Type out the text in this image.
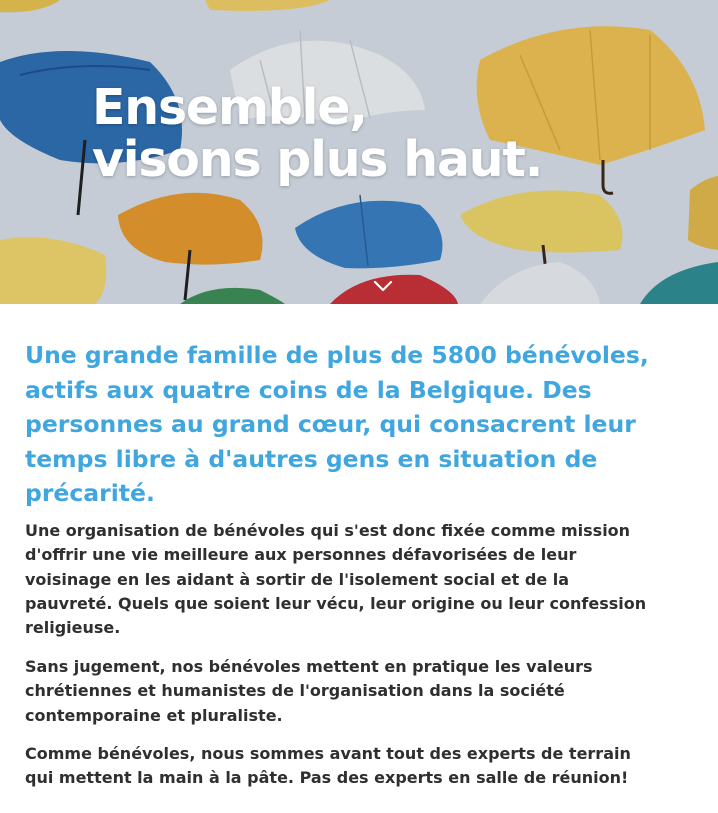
Ensemble,
visons plus haut.

Une grande famille de plus de 5800 bénévoles,
actifs aux quatre coins de la Belgique. Des
personnes au grand cœur, qui consacrent leur
temps libre à d'autres gens en situation de
précarité.

Une organisation de bénévoles qui s'est donc fixée comme mission
d'offrir une vie meilleure aux personnes défavorisées de leur
voisinage en les aidant à sortir de l'isolement social et de la
pauvreté. Quels que soient leur vécu, leur origine ou leur confession
religieuse.

Sans jugement, nos bénévoles mettent en pratique les valeurs
chrétiennes et humanistes de l'organisation dans la société
contemporaine et pluraliste.

Comme bénévoles, nous sommes avant tout des experts de terrain
qui mettent la main à la pâte. Pas des experts en salle de réunion!
